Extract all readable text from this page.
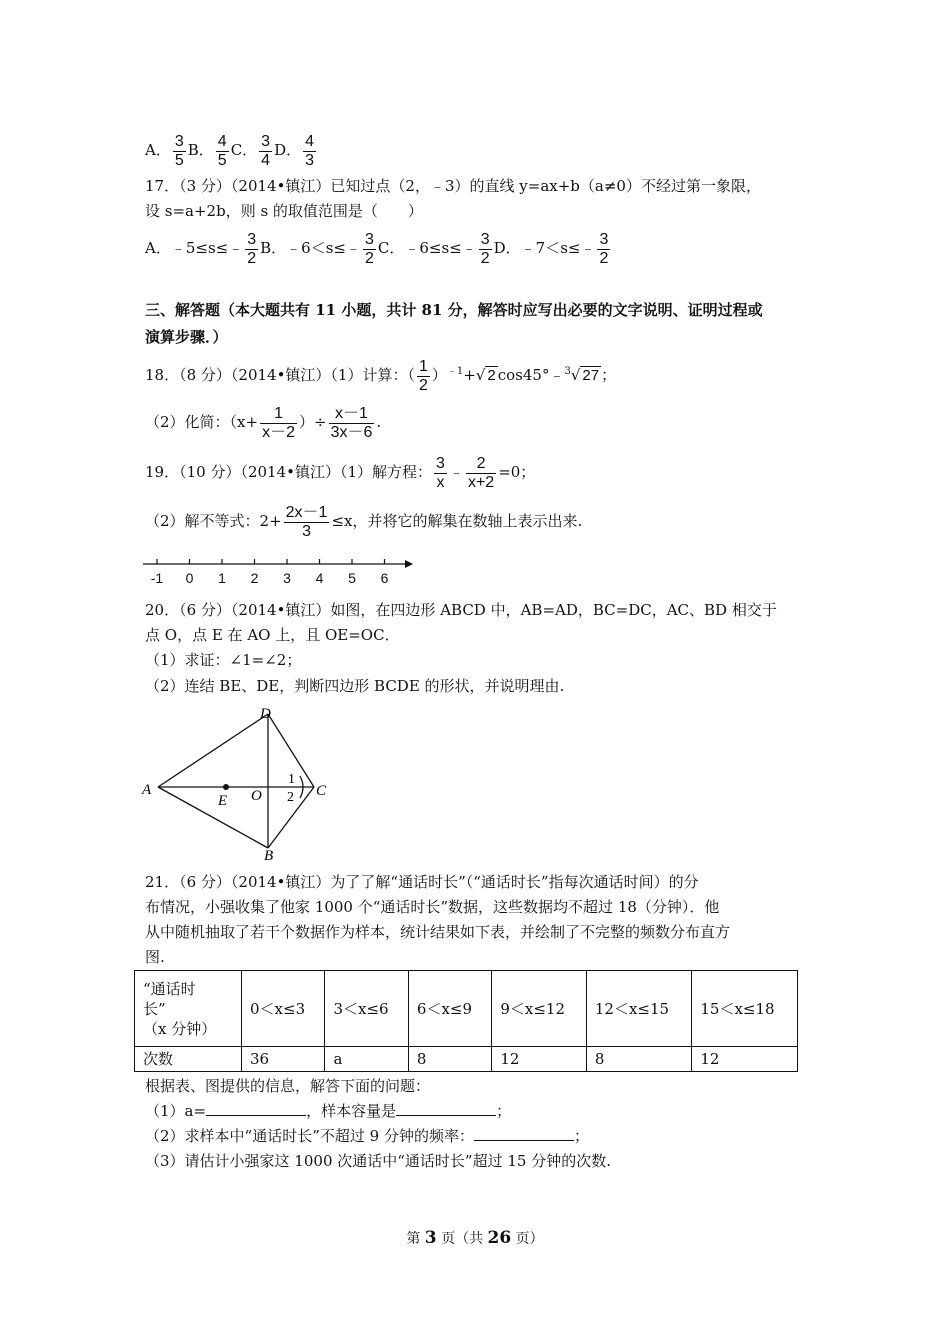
A． $\frac{3}{5}$ B． $\frac{4}{5}$ C． $\frac{3}{4}$ D． $\frac{4}{3}$
17．（3 分）（2014•镇江）已知过点（2，﹣3）的直线 y=ax+b（a≠0）不经过第一象限，
设 s=a+2b，则 s 的取值范围是（　　）
A．﹣5≤s≤﹣ $\frac{3}{2}$ B．﹣6＜s≤﹣ $\frac{3}{2}$ C．﹣6≤s≤﹣ $\frac{3}{2}$ D．﹣7＜s≤﹣ $\frac{3}{2}$
三、解答题（本大题共有 11 小题，共计 81 分，解答时应写出必要的文字说明、证明过程或
演算步骤．）
18．（8 分）（2014•镇江）（1）计算：（ $\frac{1}{2} )^{﹣1}+√$ 2 cos45°﹣$^3$√ 27 ；
（2）化简：（$x+ \frac{1}{x-2}$ ）÷ $\frac{x-1}{3x-6}$ .
19．（10 分）（2014•镇江）（1）解方程： $\frac{3}{x}$ ﹣ $\frac{2}{x+2} =0$；
（2）解不等式：$2+ \frac{2x-1}{3} \le x$，并将它的解集在数轴上表示出来.
-1 0 1 2 3 4 5 6
20．（6 分）（2014•镇江）如图，在四边形 ABCD 中，AB=AD，BC=DC，AC、BD 相交于
点 O，点 E 在 AO 上，且 OE=OC．
（1）求证：∠1=∠2；
（2）连结 BE、DE，判断四边形 BCDE 的形状，并说明理由.
D
A
E O	C
B
1
2
21．（6 分）（2014•镇江）为了了解“通话时长”（“通话时长”指每次通话时间）的分
布情况，小强收集了他家 1000 个“通话时长”数据，这些数据均不超过 18（分钟）．他
从中随机抽取了若干个数据作为样本，统计结果如下表，并绘制了不完整的频数分布直方
图.
“通话时
长”
（x 分钟）	0＜x≤3	3＜x≤6	6＜x≤9	9＜x≤12	12＜x≤15	15＜x≤18
次数	36	a	8	12	8	12
根据表、图提供的信息，解答下面的问题：
（1）a=	，样本容量是	；
（2）求样本中“通话时长”不超过 9 分钟的频率：	；
（3）请估计小强家这 1000 次通话中“通话时长”超过 15 分钟的次数.
第 3 页（共 26 页）
